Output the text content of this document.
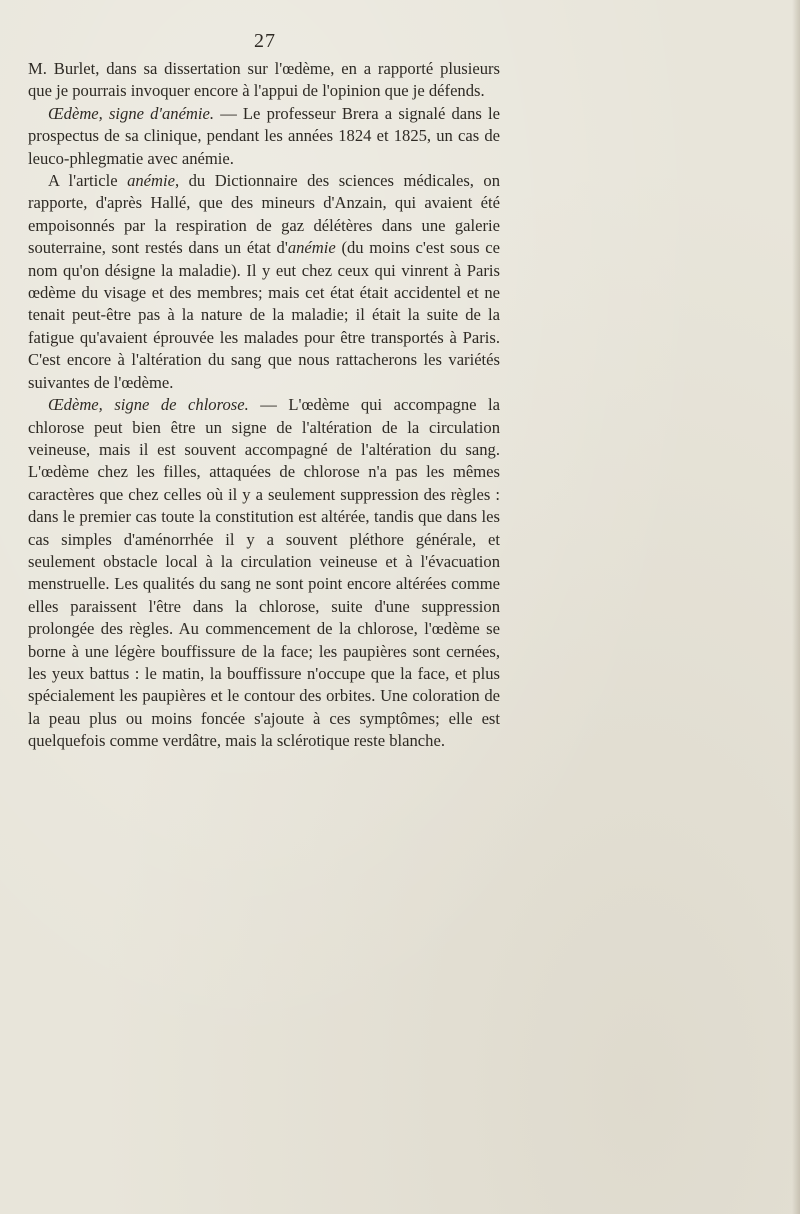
27

M. Burlet, dans sa dissertation sur l'œdème, en a rapporté plusieurs que je pourrais invoquer encore à l'appui de l'opinion que je défends.

Œdème, signe d'anémie. — Le professeur Brera a signalé dans le prospectus de sa clinique, pendant les années 1824 et 1825, un cas de leuco-phlegmatie avec anémie.

A l'article anémie, du Dictionnaire des sciences médicales, on rapporte, d'après Hallé, que des mineurs d'Anzain, qui avaient été empoisonnés par la respiration de gaz délétères dans une galerie souterraine, sont restés dans un état d'anémie (du moins c'est sous ce nom qu'on désigne la maladie). Il y eut chez ceux qui vinrent à Paris œdème du visage et des membres; mais cet état était accidentel et ne tenait peut-être pas à la nature de la maladie; il était la suite de la fatigue qu'avaient éprouvée les malades pour être transportés à Paris. C'est encore à l'altération du sang que nous rattacherons les variétés suivantes de l'œdème.

Œdème, signe de chlorose. — L'œdème qui accompagne la chlorose peut bien être un signe de l'altération de la circulation veineuse, mais il est souvent accompagné de l'altération du sang. L'œdème chez les filles, attaquées de chlorose n'a pas les mêmes caractères que chez celles où il y a seulement suppression des règles : dans le premier cas toute la constitution est altérée, tandis que dans les cas simples d'aménorrhée il y a souvent pléthore générale, et seulement obstacle local à la circulation veineuse et à l'évacuation menstruelle. Les qualités du sang ne sont point encore altérées comme elles paraissent l'être dans la chlorose, suite d'une suppression prolongée des règles. Au commencement de la chlorose, l'œdème se borne à une légère bouffissure de la face; les paupières sont cernées, les yeux battus : le matin, la bouffissure n'occupe que la face, et plus spécialement les paupières et le contour des orbites. Une coloration de la peau plus ou moins foncée s'ajoute à ces symptômes; elle est quelquefois comme verdâtre, mais la sclérotique reste blanche.
